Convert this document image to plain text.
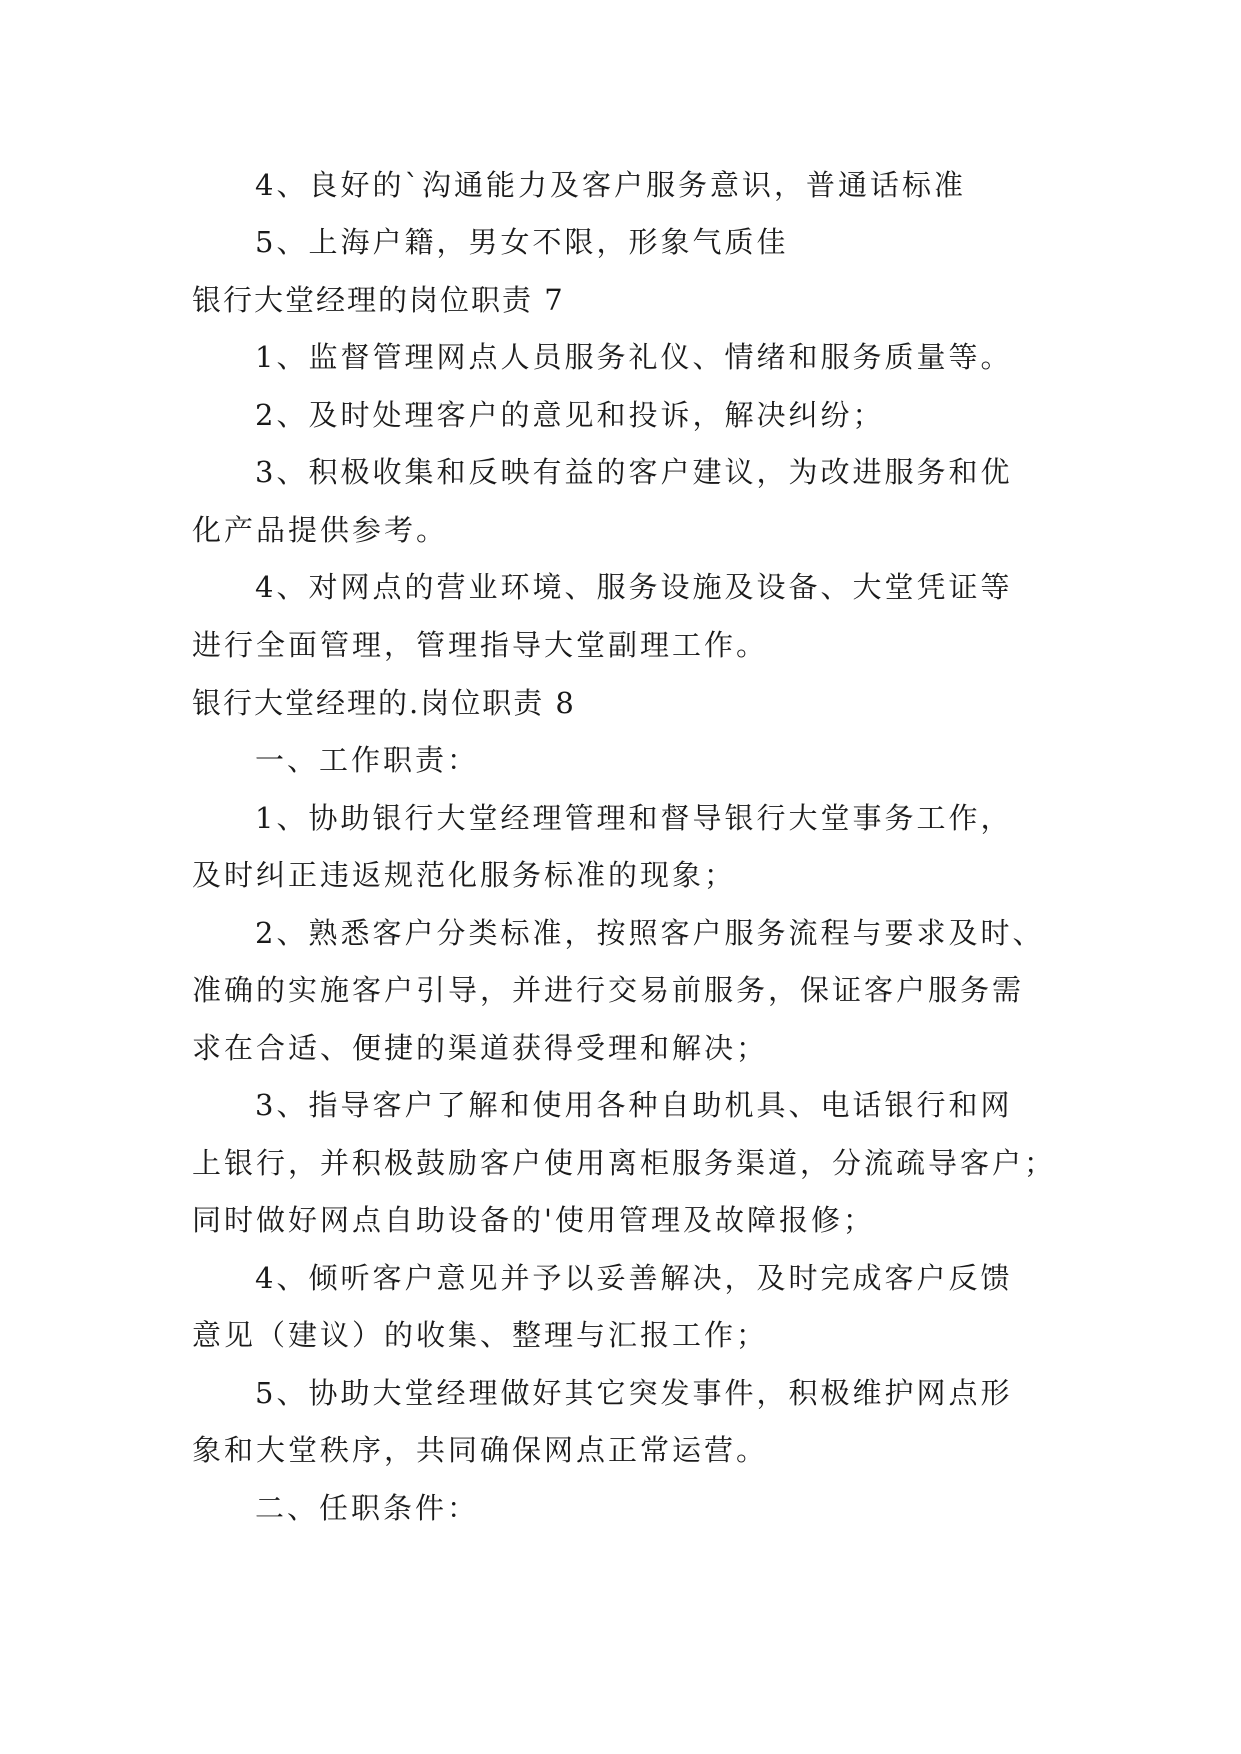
4、良好的`沟通能力及客户服务意识，普通话标准
5、上海户籍，男女不限，形象气质佳
银行大堂经理的岗位职责 7
1、监督管理网点人员服务礼仪、情绪和服务质量等。
2、及时处理客户的意见和投诉，解决纠纷；
3、积极收集和反映有益的客户建议，为改进服务和优
化产品提供参考。
4、对网点的营业环境、服务设施及设备、大堂凭证等
进行全面管理，管理指导大堂副理工作。
银行大堂经理的.岗位职责 8
一、工作职责：
1、协助银行大堂经理管理和督导银行大堂事务工作，
及时纠正违返规范化服务标准的现象；
2、熟悉客户分类标准，按照客户服务流程与要求及时、
准确的实施客户引导，并进行交易前服务，保证客户服务需
求在合适、便捷的渠道获得受理和解决；
3、指导客户了解和使用各种自助机具、电话银行和网
上银行，并积极鼓励客户使用离柜服务渠道，分流疏导客户；
同时做好网点自助设备的'使用管理及故障报修；
4、倾听客户意见并予以妥善解决，及时完成客户反馈
意见（建议）的收集、整理与汇报工作；
5、协助大堂经理做好其它突发事件，积极维护网点形
象和大堂秩序，共同确保网点正常运营。
二、任职条件：
